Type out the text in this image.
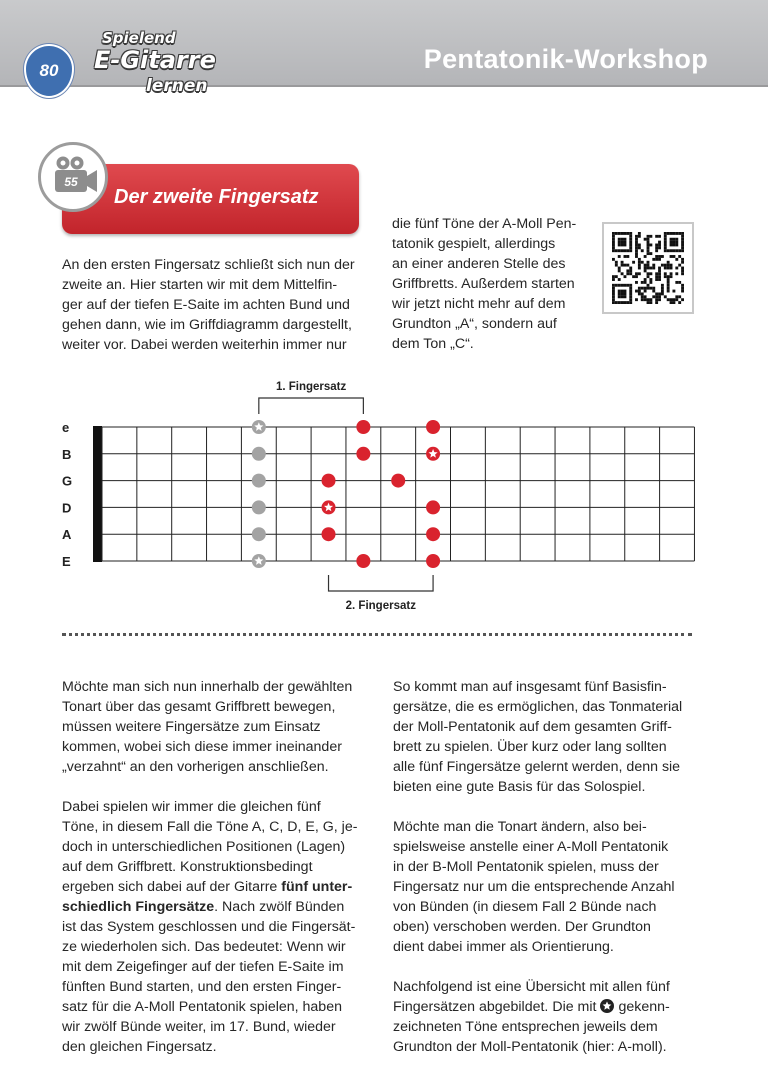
Spielend
E-Gitarre
lernen
Pentatonik-Workshop
80
Der zweite Fingersatz
55
An den ersten Fingersatz schließt sich nun der
zweite an. Hier starten wir mit dem Mittelfin-
ger auf der tiefen E-Saite im achten Bund und
gehen dann, wie im Griffdiagramm dargestellt,
weiter vor. Dabei werden weiterhin immer nur
die fünf Töne der A-Moll Pen-
tatonik gespielt, allerdings
an einer anderen Stelle des
Griffbretts. Außerdem starten
wir jetzt nicht mehr auf dem
Grundton „A“, sondern auf
dem Ton „C“.
e
B
G
D
A
E
1. Fingersatz
2. Fingersatz
Möchte man sich nun innerhalb der gewählten
Tonart über das gesamt Griffbrett bewegen,
müssen weitere Fingersätze zum Einsatz
kommen, wobei sich diese immer ineinander
„verzahnt“ an den vorherigen anschließen.
Dabei spielen wir immer die gleichen fünf
Töne, in diesem Fall die Töne A, C, D, E, G, je-
doch in unterschiedlichen Positionen (Lagen)
auf dem Griffbrett. Konstruktionsbedingt
ergeben sich dabei auf der Gitarre fünf unter-
schiedlich Fingersätze. Nach zwölf Bünden
ist das System geschlossen und die Fingersät-
ze wiederholen sich. Das bedeutet: Wenn wir
mit dem Zeigefinger auf der tiefen E-Saite im
fünften Bund starten, und den ersten Finger-
satz für die A-Moll Pentatonik spielen, haben
wir zwölf Bünde weiter, im 17. Bund, wieder
den gleichen Fingersatz.
So kommt man auf insgesamt fünf Basisfin-
gersätze, die es ermöglichen, das Tonmaterial
der Moll-Pentatonik auf dem gesamten Griff-
brett zu spielen. Über kurz oder lang sollten
alle fünf Fingersätze gelernt werden, denn sie
bieten eine gute Basis für das Solospiel.
Möchte man die Tonart ändern, also bei-
spielsweise anstelle einer A-Moll Pentatonik
in der B-Moll Pentatonik spielen, muss der
Fingersatz nur um die entsprechende Anzahl
von Bünden (in diesem Fall 2 Bünde nach
oben) verschoben werden. Der Grundton
dient dabei immer als Orientierung.
Nachfolgend ist eine Übersicht mit allen fünf
Fingersätzen abgebildet. Die mit gekenn-
zeichneten Töne entsprechen jeweils dem
Grundton der Moll-Pentatonik (hier: A-moll).
